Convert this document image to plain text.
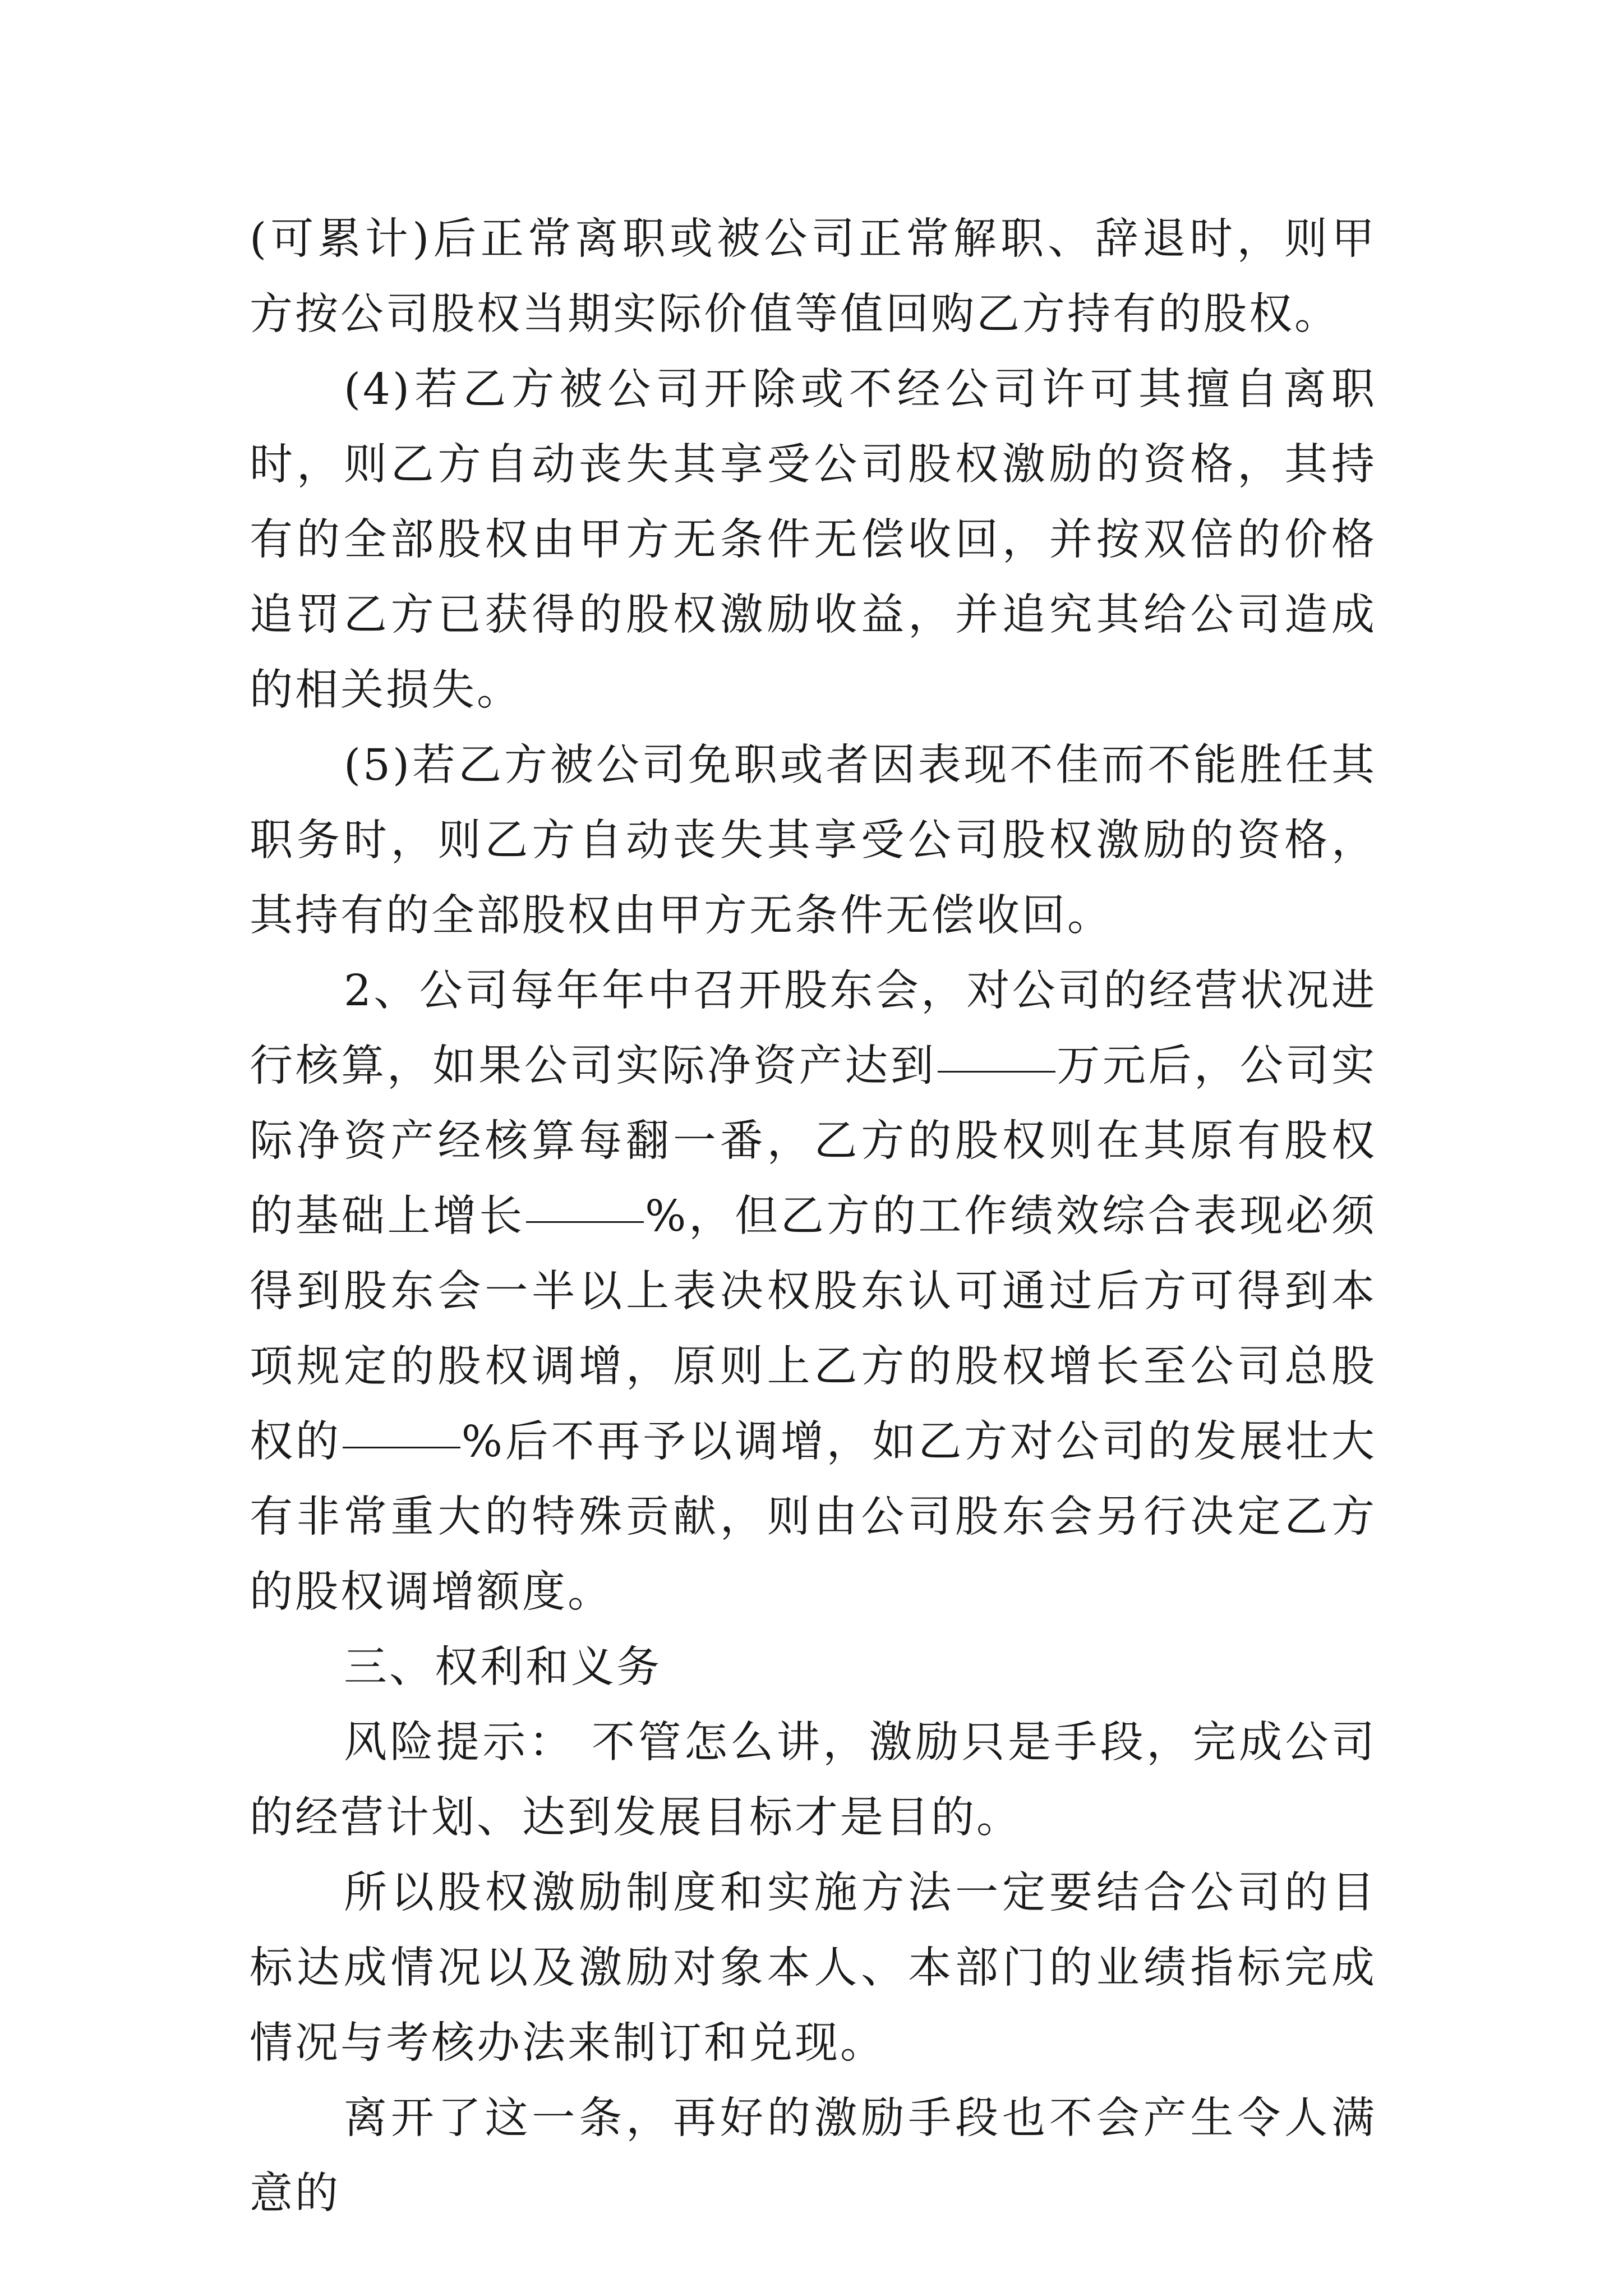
(可累计)后正常离职或被公司正常解职、辞退时，则甲方按公司股权当期实际价值等值回购乙方持有的股权。

(4)若乙方被公司开除或不经公司许可其擅自离职时，则乙方自动丧失其享受公司股权激励的资格，其持有的全部股权由甲方无条件无偿收回，并按双倍的价格追罚乙方已获得的股权激励收益，并追究其给公司造成的相关损失。

(5)若乙方被公司免职或者因表现不佳而不能胜任其职务时，则乙方自动丧失其享受公司股权激励的资格，其持有的全部股权由甲方无条件无偿收回。

2、公司每年年中召开股东会，对公司的经营状况进行核算，如果公司实际净资产达到	万元后，公司实际净资产经核算每翻一番，乙方的股权则在其原有股权的基础上增长	%，但乙方的工作绩效综合表现必须得到股东会一半以上表决权股东认可通过后方可得到本项规定的股权调增，原则上乙方的股权增长至公司总股权的	%后不再予以调增，如乙方对公司的发展壮大有非常重大的特殊贡献，则由公司股东会另行决定乙方的股权调增额度。

三、权利和义务

风险提示： 不管怎么讲，激励只是手段，完成公司的经营计划、达到发展目标才是目的。

所以股权激励制度和实施方法一定要结合公司的目标达成情况以及激励对象本人、本部门的业绩指标完成情况与考核办法来制订和兑现。

离开了这一条，再好的激励手段也不会产生令人满意的
